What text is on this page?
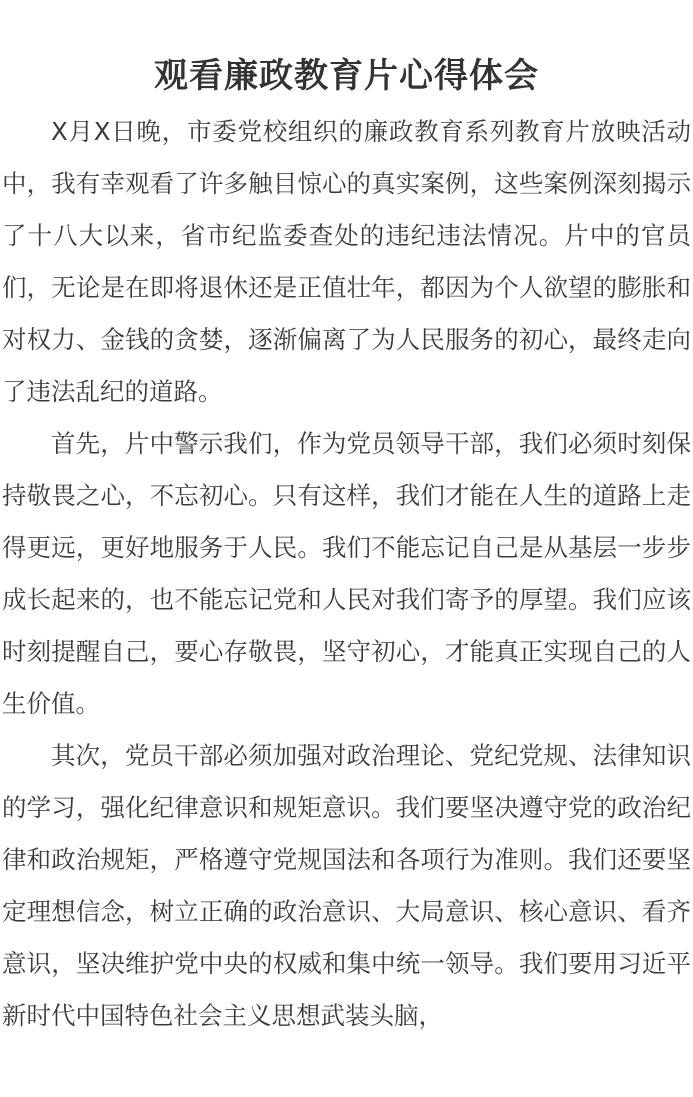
观看廉政教育片心得体会

X月X日晚，市委党校组织的廉政教育系列教育片放映活动中，我有幸观看了许多触目惊心的真实案例，这些案例深刻揭示了十八大以来，省市纪监委查处的违纪违法情况。片中的官员们，无论是在即将退休还是正值壮年，都因为个人欲望的膨胀和对权力、金钱的贪婪，逐渐偏离了为人民服务的初心，最终走向了违法乱纪的道路。

首先，片中警示我们，作为党员领导干部，我们必须时刻保持敬畏之心，不忘初心。只有这样，我们才能在人生的道路上走得更远，更好地服务于人民。我们不能忘记自己是从基层一步步成长起来的，也不能忘记党和人民对我们寄予的厚望。我们应该时刻提醒自己，要心存敬畏，坚守初心，才能真正实现自己的人生价值。

其次，党员干部必须加强对政治理论、党纪党规、法律知识的学习，强化纪律意识和规矩意识。我们要坚决遵守党的政治纪律和政治规矩，严格遵守党规国法和各项行为准则。我们还要坚定理想信念，树立正确的政治意识、大局意识、核心意识、看齐意识，坚决维护党中央的权威和集中统一领导。我们要用习近平新时代中国特色社会主义思想武装头脑，
